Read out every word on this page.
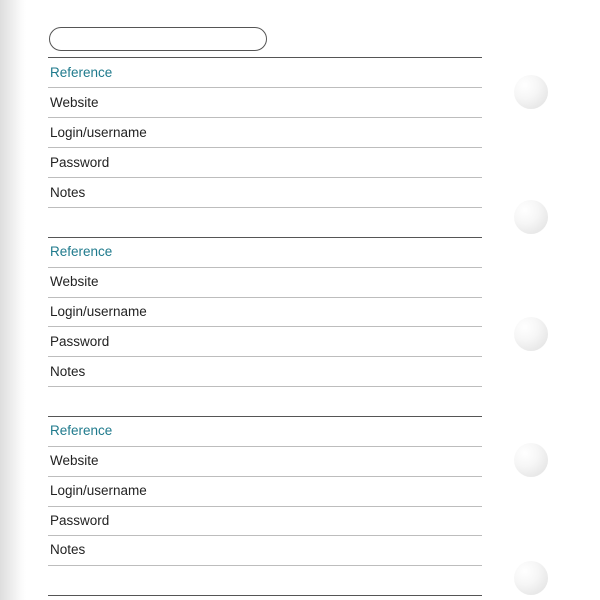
Reference
Website
Login/username
Password
Notes
Reference
Website
Login/username
Password
Notes
Reference
Website
Login/username
Password
Notes
